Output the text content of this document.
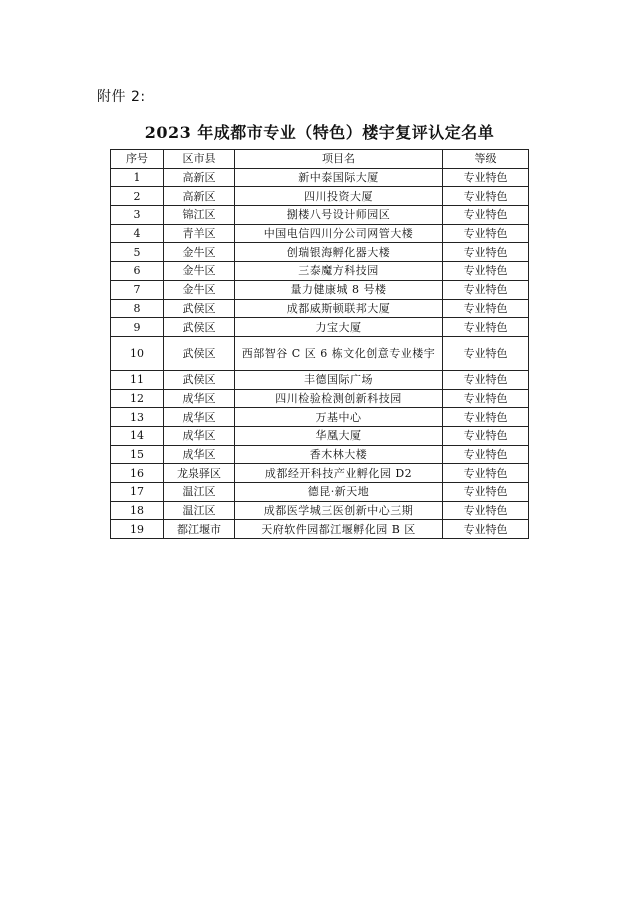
附件 2:
2023 年成都市专业（特色）楼宇复评认定名单
序号	区市县	项目名	等级
1	高新区	新中泰国际大厦	专业特色
2	高新区	四川投资大厦	专业特色
3	锦江区	捌楼八号设计师园区	专业特色
4	青羊区	中国电信四川分公司网管大楼	专业特色
5	金牛区	创瑞银海孵化器大楼	专业特色
6	金牛区	三泰魔方科技园	专业特色
7	金牛区	量力健康城 8 号楼	专业特色
8	武侯区	成都威斯顿联邦大厦	专业特色
9	武侯区	力宝大厦	专业特色
10	武侯区	西部智谷 C 区 6 栋文化创意专业楼宇	专业特色
11	武侯区	丰德国际广场	专业特色
12	成华区	四川检验检测创新科技园	专业特色
13	成华区	万基中心	专业特色
14	成华区	华凰大厦	专业特色
15	成华区	香木林大楼	专业特色
16	龙泉驿区	成都经开科技产业孵化园 D2	专业特色
17	温江区	德昆·新天地	专业特色
18	温江区	成都医学城三医创新中心三期	专业特色
19	都江堰市	天府软件园都江堰孵化园 B 区	专业特色
